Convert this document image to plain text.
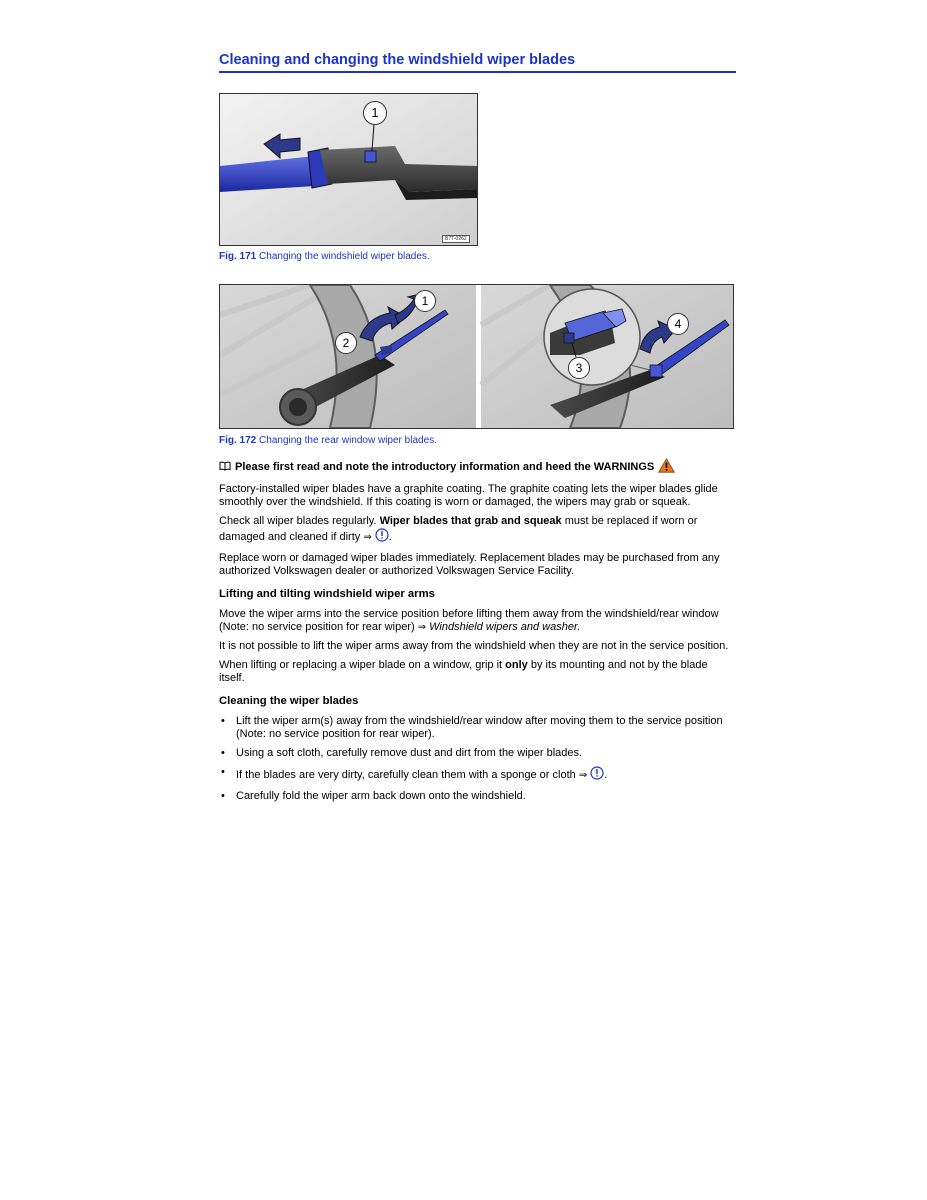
Cleaning and changing the windshield wiper blades
1
B7T-0262
Fig. 171 Changing the windshield wiper blades.
1
2
3
4
Fig. 172 Changing the rear window wiper blades.
Please first read and note the introductory information and heed the WARNINGS

Factory-installed wiper blades have a graphite coating. The graphite coating lets the wiper blades glide smoothly over the windshield. If this coating is worn or damaged, the wipers may grab or squeak.

Check all wiper blades regularly. Wiper blades that grab and squeak must be replaced if worn or damaged and cleaned if dirty ⇒ .

Replace worn or damaged wiper blades immediately. Replacement blades may be purchased from any authorized Volkswagen dealer or authorized Volkswagen Service Facility.

Lifting and tilting windshield wiper arms

Move the wiper arms into the service position before lifting them away from the windshield/rear window (Note: no service position for rear wiper) ⇒ Windshield wipers and washer.

It is not possible to lift the wiper arms away from the windshield when they are not in the service position.

When lifting or replacing a wiper blade on a window, grip it only by its mounting and not by the blade itself.

Cleaning the wiper blades
• Lift the wiper arm(s) away from the windshield/rear window after moving them to the service position (Note: no service position for rear wiper).
• Using a soft cloth, carefully remove dust and dirt from the wiper blades.
• If the blades are very dirty, carefully clean them with a sponge or cloth ⇒ .
• Carefully fold the wiper arm back down onto the windshield.
